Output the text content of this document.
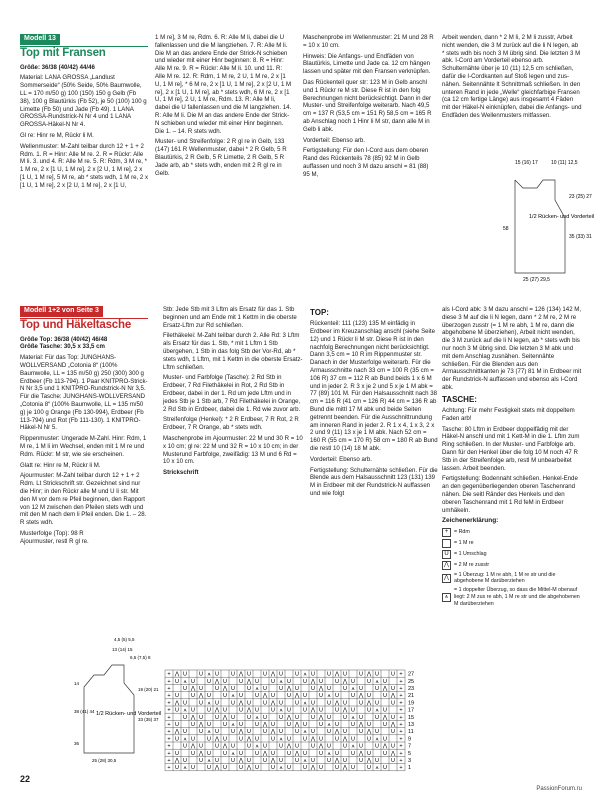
Modell 13
Top mit Fransen

Größe: 36/38 (40/42) 44/46

Material: LANA GROSSA „Landlust Sommerseide“ (50% Seide, 50% Baumwolle, LL = 170 m/50 g) 100 (150) 150 g Gelb (Fb 38), 100 g Blautürkis (Fb 52), je 50 (100) 100 g Limette (Fb 50) und Jade (Fb 49). 1 LANA GROSSA-Rundstrick-N Nr 4 und 1 LANA GROSSA-Häkel-N Nr 4.

Gl re: Hinr re M, Rückr li M.

Wellenmuster: M-Zahl teilbar durch 12 + 1 + 2 Rdm. 1. R = Hinr: Alle M re. 2. R = Rückr: Alle M li. 3. und 4. R: Alle M re. 5. R: Rdm, 3 M re, * 1 M re, 2 x [1 U, 1 M re], 2 x [2 U, 1 M re], 2 x [1 U, 1 M re], 5 M re, ab * stets wdh, 1 M re, 2 x [1 U, 1 M re], 2 x [2 U, 1 M re], 2 x [1 U,

1 M re], 3 M re, Rdm. 6. R: Alle M li, dabei die U fallenlassen und die M langziehen. 7. R: Alle M li. Die M an das andere Ende der Strick-N schieben und wieder mit einer Hinr beginnen: 8. R = Hinr: Alle M re. 9. R = Rückr: Alle M li. 10. und 11. R: Alle M re. 12. R: Rdm, 1 M re, 2 U, 1 M re, 2 x [1 U, 1 M re], * 6 M re, 2 x [1 U, 1 M re], 2 x [2 U, 1 M re], 2 x [1 U, 1 M re], ab * stets wdh, 6 M re, 2 x [1 U, 1 M re], 2 U, 1 M re, Rdm. 13. R: Alle M li, dabei die U fallenlassen und die M langziehen. 14. R: Alle M li. Die M an das andere Ende der Strick-N schieben und wieder mit einer Hinr beginnen. Die 1. – 14. R stets wdh.

Muster- und Streifenfolge: 2 R gl re in Gelb, 133 (147) 161 R Wellenmuster, dabei * 2 R Gelb, 5 R Blautürkis, 2 R Gelb, 5 R Limette, 2 R Gelb, 5 R Jade arb, ab * stets wdh, enden mit 2 R gl re in Gelb.

Maschenprobe im Wellenmuster: 21 M und 28 R = 10 x 10 cm.

Hinweis: Die Anfangs- und Endfäden von Blautürkis, Limette und Jade ca. 12 cm hängen lassen und später mit den Fransen verknüpfen.

Das Rückenteil quer str: 123 M in Gelb anschl und 1 Rückr re M str. Diese R ist in den folg Berechnungen nicht berücksichtigt. Dann in der Muster- und Streifenfolge weiterarb. Nach 49,5 cm = 137 R (53,5 cm = 151 R) 58,5 cm = 165 R ab Anschlag noch 1 Hinr li M str, dann alle M in Gelb li abk.

Vorderteil: Ebenso arb.

Fertigstellung: Für den I-Cord aus dem oberen Rand des Rückenteils 78 (85) 92 M in Gelb auffassen und noch 3 M dazu anschl = 81 (88) 95 M,

Arbeit wenden, dann * 2 M li, 2 M li zusstr, Arbeit nicht wenden, die 3 M zurück auf die li N legen, ab * stets wdh bis noch 3 M übrig sind. Die letzten 3 M abk. I-Cord am Vorderteil ebenso arb. Schulternähte über je 10 (11) 12,5 cm schließen, dafür die I-Cordkanten auf Stoß legen und zus-nähen. Seitennähte lt Schnittmaß schließen. In den unteren Rand in jede „Welle“ gleichfarbige Fransen (ca 12 cm fertige Länge) aus insgesamt 4 Fäden mit der Häkel-N einknüpfen, dabei die Anfangs- und Endfäden des Wellenmusters mitfassen.

15 (16) 17	10 (11) 12,5
23 (25) 27
35 (33) 31
58
1/2 Rücken- und Vorderteil
25 (27) 29,5
Modell 1+2 von Seite 3
Top und Häkeltasche

Größe Top: 36/38 (40/42) 46/48
Größe Tasche: 30,5 x 33,5 cm

Material: Für das Top: JUNGHANS-WOLLVERSAND „Cotonia 8“ (100% Baumwolle, LL = 135 m/50 g) 250 (300) 300 g Erdbeer (Fb 113-794). 1 Paar KNITPRO-Strick-N Nr 3,5 und 1 KNITPRO-Rundstrick-N Nr 3,5. Für die Tasche: JUNGHANS-WOLLVERSAND „Cotonia 8“ (100% Baumwolle, LL = 135 m/50 g) je 100 g Orange (Fb 130-994), Erdbeer (Fb 113-794) und Rot (Fb 111-130). 1 KNITPRO-Häkel-N Nr 5.

Rippenmuster: Ungerade M-Zahl. Hinr: Rdm, 1 M re, 1 M li im Wechsel, enden mit 1 M re und Rdm. Rückr: M str, wie sie erscheinen.

Glatt re: Hinr re M, Rückr li M.

Ajourmuster: M-Zahl teilbar durch 12 + 1 + 2 Rdm. Lt Strickschrift str. Gezeichnet sind nur die Hinr; in den Rückr alle M und U li str. Mit den M vor dem re Pfeil beginnen, den Rapport von 12 M zwischen den Pfeilen stets wdh und mit den M nach dem li Pfeil enden. Die 1. – 28. R stets wdh.

Musterfolge (Top): 98 R Ajourmuster, restl R gl re.

4,5 (5) 5,5
13 (14) 15
6,5 (7,5) 8
14
19 (20) 21
38 (41) 44
33 (35) 37
36
1/2 Rücken- und Vorderteil
25 (28) 30,5

Stb: Jede Stb mit 3 Lftm als Ersatz für das 1. Stb beginnen und am Ende mit 1 Kettm in die oberste Ersatz-Lftm zur Rd schließen.

Filethäkelei: M-Zahl teilbar durch 2. Alle Rd: 3 Lftm als Ersatz für das 1. Stb, * mit 1 Lftm 1 Stb übergehen, 1 Stb in das folg Stb der Vor-Rd, ab * stets wdh, 1 Lftm, mit 1 Kettm in die oberste Ersatz-Lftm schließen.

Muster- und Farbfolge (Tasche): 2 Rd Stb in Erdbeer, 7 Rd Filethäkelei in Rot, 2 Rd Stb in Erdbeer, dabei in der 1. Rd um jede Lftm und in jedes Stb je 1 Stb arb, 7 Rd Filethäkelei in Orange, 2 Rd Stb in Erdbeer, dabei die 1. Rd wie zuvor arb.

Streifenfolge (Henkel): * 2 R Erdbeer, 7 R Rot, 2 R Erdbeer, 7 R Orange, ab * stets wdh.

Maschenprobe im Ajourmuster: 22 M und 30 R = 10 x 10 cm; gl re: 22 M und 32 R = 10 x 10 cm; in der Musterund Farbfolge, zweifädig: 13 M und 6 Rd = 10 x 10 cm.

Strickschrift

TOP:

Rückenteil: 111 (123) 135 M einfädig in Erdbeer im Kreuzanschlag anschl (siehe Seite 12) und 1 Rückr li M str. Diese R ist in den nachfolg Berechnungen nicht berücksichtigt. Dann 3,5 cm = 10 R im Rippenmuster str. Danach in der Musterfolge weiterarb. Für die Armausschnitte nach 33 cm = 100 R (35 cm = 106 R) 37 cm = 112 R ab Bund beids 1 x 6 M und in jeder 2. R 3 x je 2 und 5 x je 1 M abk = 77 (89) 101 M. Für den Halsausschnitt nach 38 cm = 116 R (41 cm = 126 R) 44 cm = 136 R ab Bund die mittl 17 M abk und beide Seiten getrennt beenden. Für die Ausschnittrundung am inneren Rand in jeder 2. R 1 x 4, 1 x 3, 2 x 2 und 9 (11) 13 x je 1 M abk. Nach 52 cm = 160 R (55 cm = 170 R) 58 cm = 180 R ab Bund die restl 10 (14) 18 M abk.

Vorderteil: Ebenso arb.

Fertigstellung: Schulternähte schließen. Für die Blende aus dem Halsausschnitt 123 (131) 139 M in Erdbeer mit der Rundstrick-N auffassen und wie folgt

als I-Cord abk: 3 M dazu anschl = 126 (134) 142 M, diese 3 M auf die li N legen, dann * 2 M re, 2 M re überzogen zusstr (= 1 M re abh, 1 M re, dann die abgehobene M überziehen), Arbeit nicht wenden, die 3 M zurück auf die li N legen, ab * stets wdh bis nur noch 3 M übrig sind. Die letzten 3 M abk und mit dem Anschlag zusnähen. Seitennähte schließen. Für die Blenden aus den Armausschnittkanten je 73 (77) 81 M in Erdbeer mit der Rundstrick-N auffassen und ebenso als I-Cord abk.

TASCHE:

Achtung: Für mehr Festigkeit stets mit doppeltem Faden arb!

Tasche: 80 Lftm in Erdbeer doppelfädig mit der Häkel-N anschl und mit 1 Kett-M in die 1. Lftm zum Ring schließen. In der Muster- und Farbfolge arb. Dann für den Henkel über die folg 10 M noch 47 R Stb in der Streifenfolge arb, restl M unbearbeitet lassen. Arbeit beenden.

Fertigstellung: Bodennaht schließen. Henkel-Ende an den gegenüberliegenden oberen Taschenrand nähen. Die seitl Ränder des Henkels und den oberen Taschenrand mit 1 Rd feM in Erdbeer umhäkeln.

Zeichenerklärung:
+	= Rdm
= 1 M re
U	= 1 Umschlag
⋀ = 2 M re zusstr
⋀
= 1 Überzug: 1 M re abh, 1 M re str und die abgehobene M darüberziehen
⩚
= 1 doppelter Überzug, so dass die Mittel-M obenauf liegt: 2 M zus re abh, 1 M re str und die abgehobenen M darüberziehen
+ ⋀ U U ⩚ U U ⋀ U U ⋀ U U ⩚ U U ⋀ U U ⋀ U U + 27
+ U ⩚ U U ⋀ U U ⋀ U U ⩚ U U ⋀ U U ⋀ U U ⩚ U + 25
+ U ⋀ U U ⋀ U U ⩚ U U ⋀ U U ⋀ U U ⩚ U U ⋀ U + 23
+ U U ⋀ U U ⩚ U U ⋀ U U ⋀ U U ⩚ U U ⋀ U U ⋀ + 21
+ ⋀ U U ⩚ U U ⋀ U U ⋀ U U ⩚ U U ⋀ U U ⋀ U U + 19
+ U ⩚ U U ⋀ U U ⋀ U U ⩚ U U ⋀ U U ⋀ U U ⩚ U + 17
+ U ⋀ U U ⋀ U U ⩚ U U ⋀ U U ⋀ U U ⩚ U U ⋀ U + 15
+ U U ⋀ U U ⩚ U U ⋀ U U ⋀ U U ⩚ U U ⋀ U U ⋀ + 13
+ ⋀ U U ⩚ U U ⋀ U U ⋀ U U ⩚ U U ⋀ U U ⋀ U U + 11
+ U ⩚ U U ⋀ U U ⋀ U U ⩚ U U ⋀ U U ⋀ U U ⩚ U + 9
+ U ⋀ U U ⋀ U U ⩚ U U ⋀ U U ⋀ U U ⩚ U U ⋀ U + 7
+ U U ⋀ U U ⩚ U U ⋀ U U ⋀ U U ⩚ U U ⋀ U U ⋀ + 5
+ ⋀ U U ⩚ U U ⋀ U U ⋀ U U ⩚ U U ⋀ U U ⋀ U U + 3
+ U ⩚ U U ⋀ U U ⋀ U U ⩚ U U ⋀ U U ⋀ U U ⩚ U + 1
22
PassionForum.ru
